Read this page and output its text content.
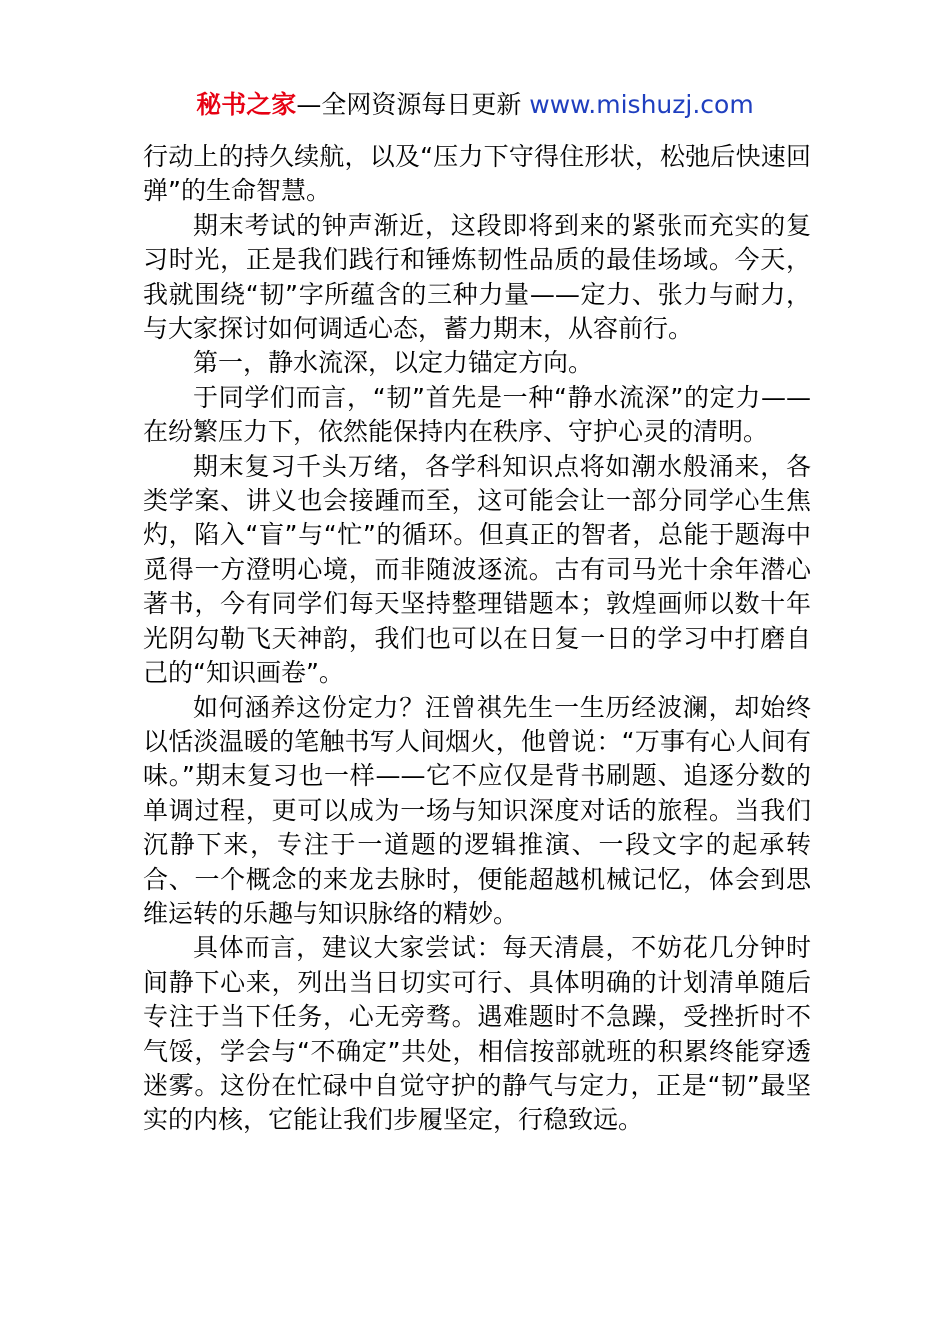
秘书之家—全网资源每日更新 www.mishuzj.com

行动上的持久续航，以及“压力下守得住形状，松弛后快速回弹”的生命智慧。

期末考试的钟声渐近，这段即将到来的紧张而充实的复习时光，正是我们践行和锤炼韧性品质的最佳场域。今天，我就围绕“韧”字所蕴含的三种力量——定力、张力与耐力，与大家探讨如何调适心态，蓄力期末，从容前行。

第一，静水流深，以定力锚定方向。

于同学们而言，“韧”首先是一种“静水流深”的定力——在纷繁压力下，依然能保持内在秩序、守护心灵的清明。

期末复习千头万绪，各学科知识点将如潮水般涌来，各类学案、讲义也会接踵而至，这可能会让一部分同学心生焦灼，陷入“盲”与“忙”的循环。但真正的智者，总能于题海中觅得一方澄明心境，而非随波逐流。古有司马光十余年潜心著书，今有同学们每天坚持整理错题本；敦煌画师以数十年光阴勾勒飞天神韵，我们也可以在日复一日的学习中打磨自己的“知识画卷”。

如何涵养这份定力？汪曾祺先生一生历经波澜，却始终以恬淡温暖的笔触书写人间烟火，他曾说：“万事有心人间有味。”期末复习也一样——它不应仅是背书刷题、追逐分数的单调过程，更可以成为一场与知识深度对话的旅程。当我们沉静下来，专注于一道题的逻辑推演、一段文字的起承转合、一个概念的来龙去脉时，便能超越机械记忆，体会到思维运转的乐趣与知识脉络的精妙。

具体而言，建议大家尝试：每天清晨，不妨花几分钟时间静下心来，列出当日切实可行、具体明确的计划清单随后专注于当下任务，心无旁骛。遇难题时不急躁，受挫折时不气馁，学会与“不确定”共处，相信按部就班的积累终能穿透迷雾。这份在忙碌中自觉守护的静气与定力，正是“韧”最坚实的内核，它能让我们步履坚定，行稳致远。
